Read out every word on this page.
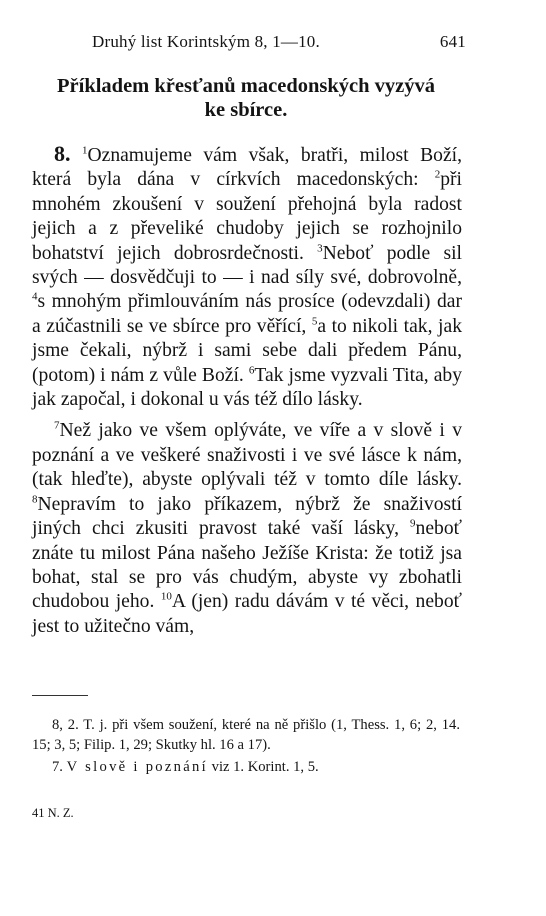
Druhý list Korintským 8, 1—10.	641
Příkladem křesťanů macedonských vyzývá
ke sbírce.

8. $^1$Oznamujeme vám však, bratři, milost Boží, která byla dána v církvích macedonských: $^2$při mnohém zkoušení v soužení přehojná byla radost jejich a z převeliké chudoby jejich se rozhojnilo bohatství jejich dobrosrdečnosti. $^3$Neboť podle sil svých — dosvědčuji to — i nad síly své, dobrovolně, $^4$s mnohým přimlouváním nás prosíce (odevzdali) dar a zúčastnili se ve sbírce pro věřící, $^5$a to nikoli tak, jak jsme čekali, nýbrž i sami sebe dali předem Pánu, (potom) i nám z vůle Boží. $^6$Tak jsme vyzvali Tita, aby jak započal, i dokonal u vás též dílo lásky.

$^7$Než jako ve všem oplýváte, ve víře a v slově i v poznání a ve veškeré snaživosti i ve své lásce k nám, (tak hleďte), abyste oplývali též v tomto díle lásky. $^8$Nepravím to jako příkazem, nýbrž že snaživostí jiných chci zkusiti pravost také vaší lásky, $^9$neboť znáte tu milost Pána našeho Ježíše Krista: že totiž jsa bohat, stal se pro vás chudým, abyste vy zbohatli chudobou jeho. $^{10}$A (jen) radu dávám v té věci, neboť jest to užitečno vám,

8, 2. T. j. při všem soužení, které na ně přišlo (1, Thess. 1, 6; 2, 14. 15; 3, 5; Filip. 1, 29; Skutky hl. 16 a 17).

7. V slově i poznání viz 1. Korint. 1, 5.

41 N. Z.
